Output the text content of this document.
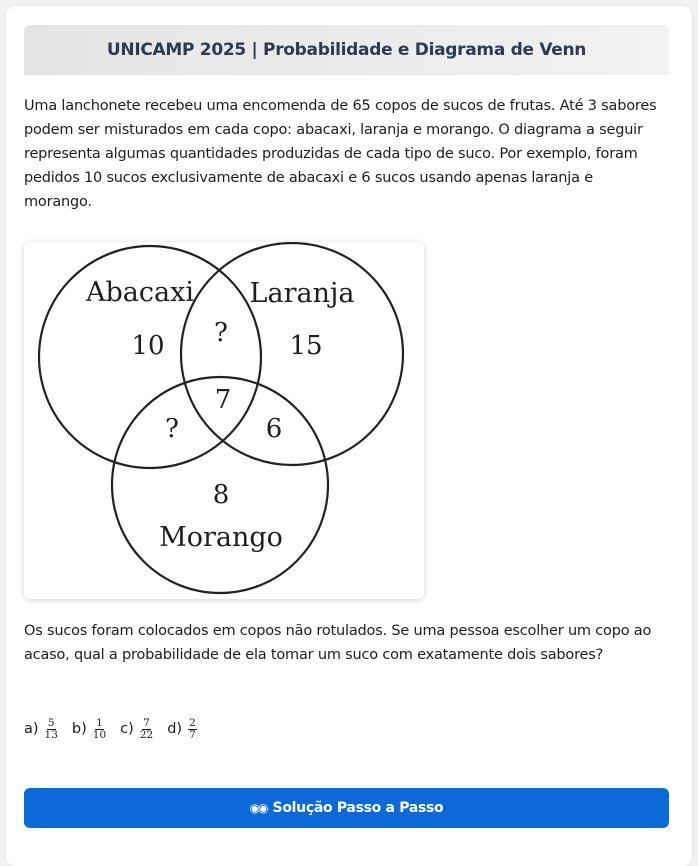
UNICAMP 2025 | Probabilidade e Diagrama de Venn

Uma lanchonete recebeu uma encomenda de 65 copos de sucos de frutas. Até 3 sabores podem ser misturados em cada copo: abacaxi, laranja e morango. O diagrama a seguir representa algumas quantidades produzidas de cada tipo de suco. Por exemplo, foram pedidos 10 sucos exclusivamente de abacaxi e 6 sucos usando apenas laranja e morango.

Abacaxi Laranja
Morango
10 ? 15
7
?	6
8

Os sucos foram colocados em copos não rotulados. Se uma pessoa escolher um copo ao acaso, qual a probabilidade de ela tomar um suco com exatamente dois sabores?

$a) \frac{5}{13} b) \frac{1}{10} c) \frac{7}{22} d) \frac{2}{7}$
◉◉ Solução Passo a Passo
